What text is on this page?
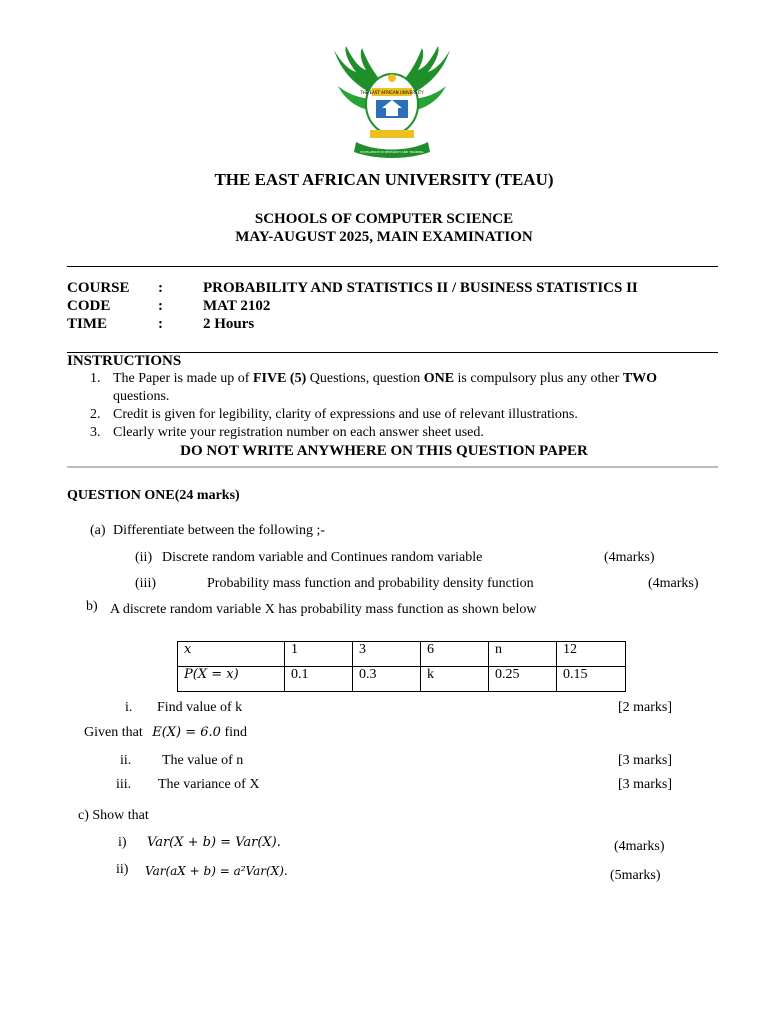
THE EAST AFRICAN UNIVERSITY
EXCELLENCE IN RESEARCH AND TRAINING
THE EAST AFRICAN UNIVERSITY (TEAU)
SCHOOLS OF COMPUTER SCIENCE
MAY-AUGUST 2025, MAIN EXAMINATION
COURSE :	PROBABILITY AND STATISTICS II / BUSINESS STATISTICS II
CODE	:	MAT 2102
TIME	:	2 Hours
INSTRUCTIONS
1. The Paper is made up of FIVE (5) Questions, question ONE is compulsory plus any other TWO
questions.
2. Credit is given for legibility, clarity of expressions and use of relevant illustrations.
3. Clearly write your registration number on each answer sheet used.
DO NOT WRITE ANYWHERE ON THIS QUESTION PAPER
QUESTION ONE(24 marks)
(a) Differentiate between the following ;-
(ii) Discrete random variable and Continues random variable	(4marks)
(iii)	Probability mass function and probability density function	(4marks)
b) A discrete random variable X has probability mass function as shown below
x	1	3	6	n	12
P(X = x)	0.1	0.3	k	0.25	0.15
i. Find value of k	[2 marks]
Given that E(X) = 6.0 find
ii. The value of n	[3 marks]
iii. The variance of X	[3 marks]
c) Show that
i) Var(X + b) = Var(X).	(4marks)
ii) Var(aX + b) = a²Var(X).	(5marks)
